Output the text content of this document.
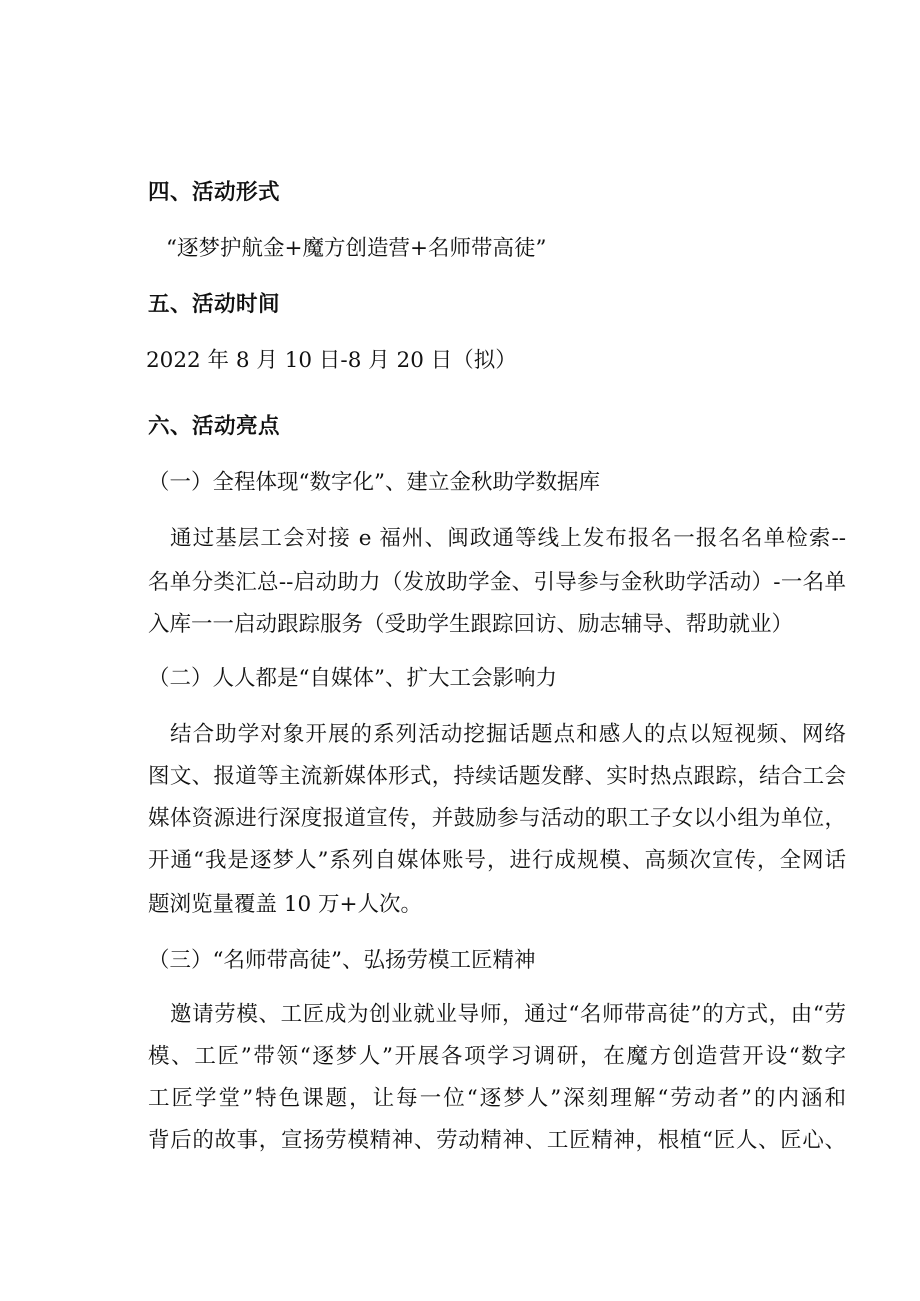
四、活动形式
“逐梦护航金+魔方创造营+名师带高徒”
五、活动时间
2022 年 8 月 10 日-8 月 20 日（拟）
六、活动亮点
（一）全程体现“数字化”、建立金秋助学数据库
通过基层工会对接 e 福州、闽政通等线上发布报名一报名名单检索--
名单分类汇总--启动助力（发放助学金、引导参与金秋助学活动）-一名单
入库一一启动跟踪服务（受助学生跟踪回访、励志辅导、帮助就业）
（二）人人都是“自媒体”、扩大工会影响力
结合助学对象开展的系列活动挖掘话题点和感人的点以短视频、网络
图文、报道等主流新媒体形式，持续话题发酵、实时热点跟踪，结合工会
媒体资源进行深度报道宣传，并鼓励参与活动的职工子女以小组为单位，
开通“我是逐梦人”系列自媒体账号，进行成规模、高频次宣传，全网话
题浏览量覆盖 10 万+人次。
（三）“名师带高徒”、弘扬劳模工匠精神
邀请劳模、工匠成为创业就业导师，通过“名师带高徒”的方式，由“劳
模、工匠”带领“逐梦人”开展各项学习调研，在魔方创造营开设“数字
工匠学堂”特色课题，让每一位“逐梦人”深刻理解“劳动者”的内涵和
背后的故事，宣扬劳模精神、劳动精神、工匠精神，根植“匠人、匠心、
